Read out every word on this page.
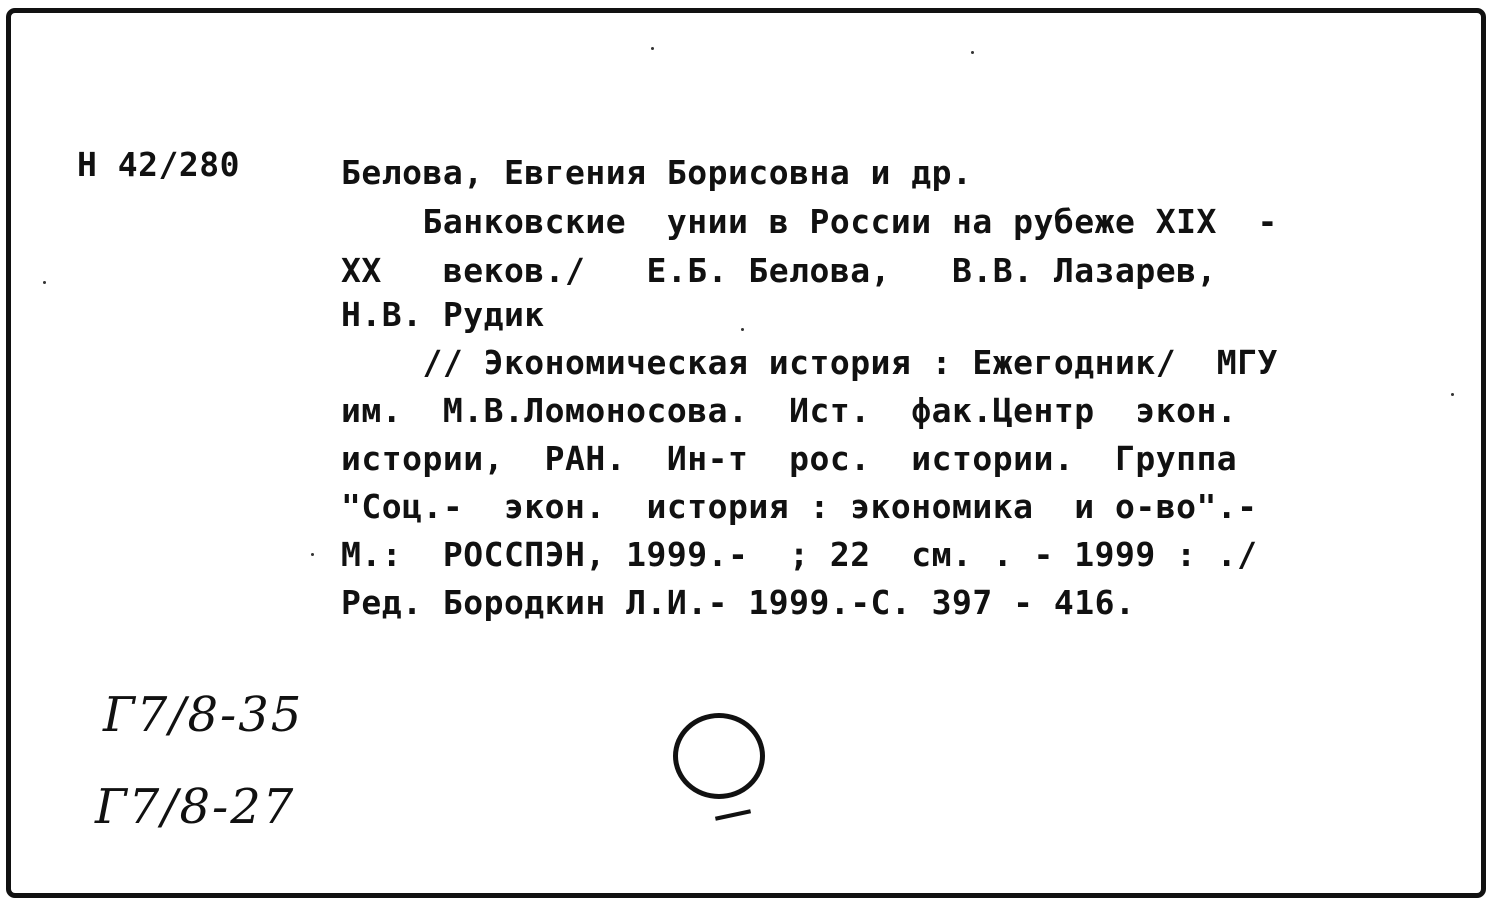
Н 42/280	Белова, Евгения Борисовна и др.
Банковские  унии в России на рубеже XIX  -
XX   веков./   Е.Б. Белова,   В.В. Лазарев,
Н.В. Рудик
// Экономическая история : Ежегодник/  МГУ
им.  М.В.Ломоносова.  Ист.  фак.Центр  экон.
истории,  РАН.  Ин-т  рос.  истории.  Группа
"Соц.-  экон.  история : экономика  и о-во".-
М.:  РОССПЭН, 1999.-  ; 22  см. . - 1999 : ./
Ред. Бородкин Л.И.- 1999.-С. 397 - 416.
Г7/8-35
Г7/8-27
